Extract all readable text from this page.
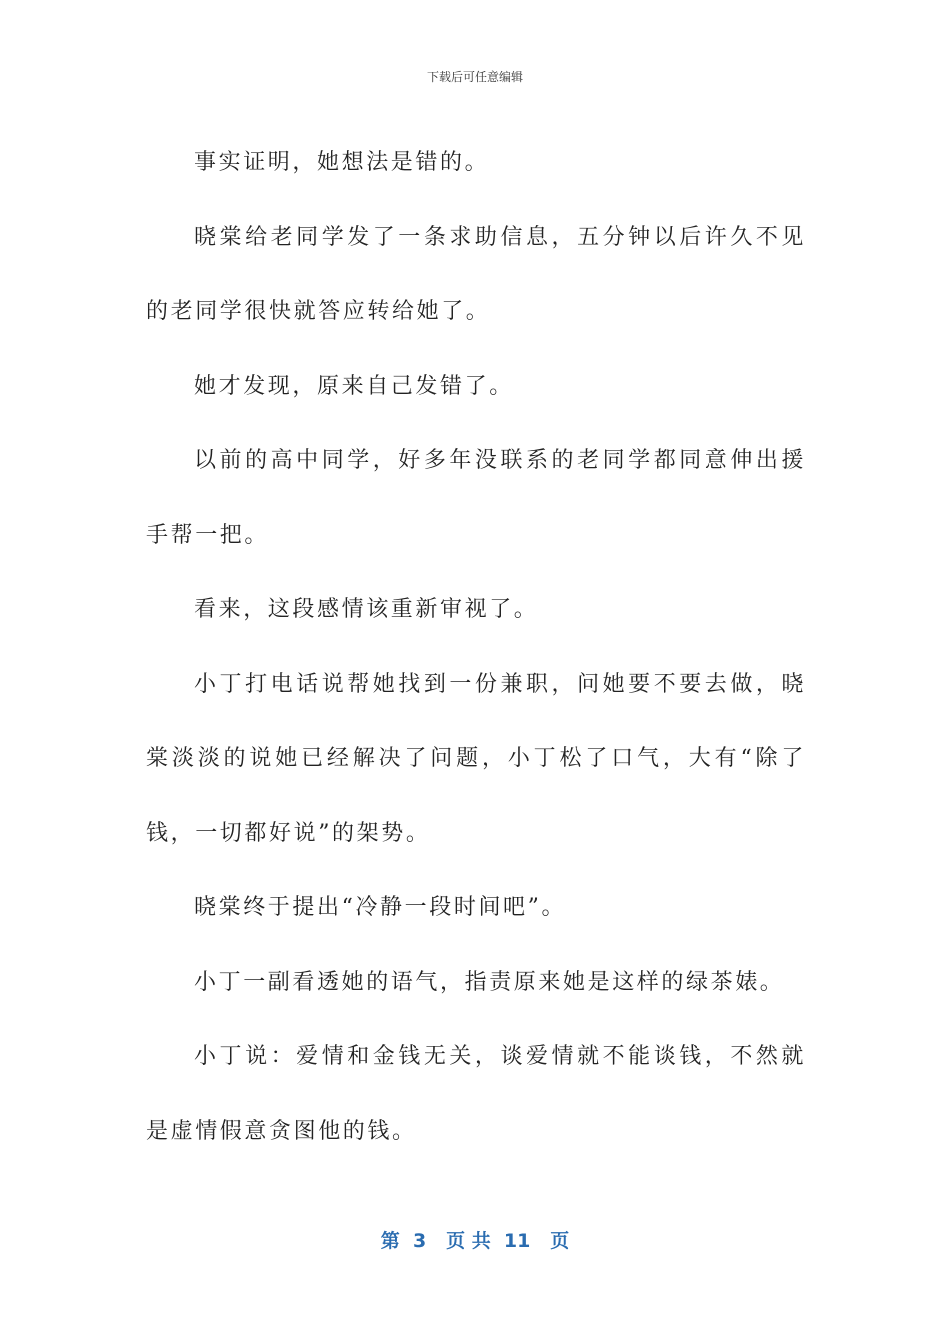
下载后可任意编辑

事实证明，她想法是错的。

晓棠给老同学发了一条求助信息，五分钟以后许久不见的老同学很快就答应转给她了。

她才发现，原来自己发错了。

以前的高中同学，好多年没联系的老同学都同意伸出援手帮一把。

看来，这段感情该重新审视了。

小丁打电话说帮她找到一份兼职，问她要不要去做，晓棠淡淡的说她已经解决了问题，小丁松了口气，大有“除了钱，一切都好说”的架势。

晓棠终于提出“冷静一段时间吧”。

小丁一副看透她的语气，指责原来她是这样的绿茶婊。

小丁说：爱情和金钱无关，谈爱情就不能谈钱，不然就是虚情假意贪图他的钱。

第  3   页 共  11   页
